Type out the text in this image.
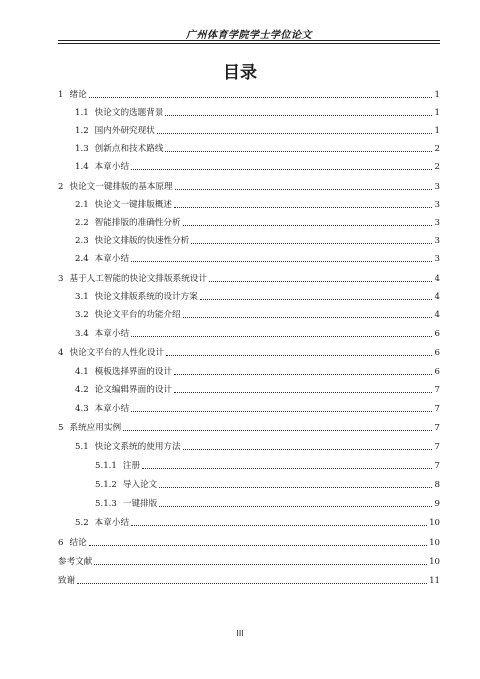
广州体育学院学士学位论文
目录
1 绪论	1
1.1 快论文的选题背景	1
1.2 国内外研究现状	1
1.3 创新点和技术路线	2
1.4 本章小结	2
2 快论文一键排版的基本原理	3
2.1 快论文一键排版概述	3
2.2 智能排版的准确性分析	3
2.3 快论文排版的快速性分析	3
2.4 本章小结	3
3 基于人工智能的快论文排版系统设计	4
3.1 快论文排版系统的设计方案	4
3.2 快论文平台的功能介绍	4
3.4 本章小结	6
4 快论文平台的人性化设计	6
4.1 模板选择界面的设计	6
4.2 论文编辑界面的设计	7
4.3 本章小结	7
5 系统应用实例	7
5.1 快论文系统的使用方法	7
5.1.1 注册	7
5.1.2 导入论文	8
5.1.3 一键排版	9
5.2 本章小结	10
6 结论	10
参考文献	10
致谢	11
III
